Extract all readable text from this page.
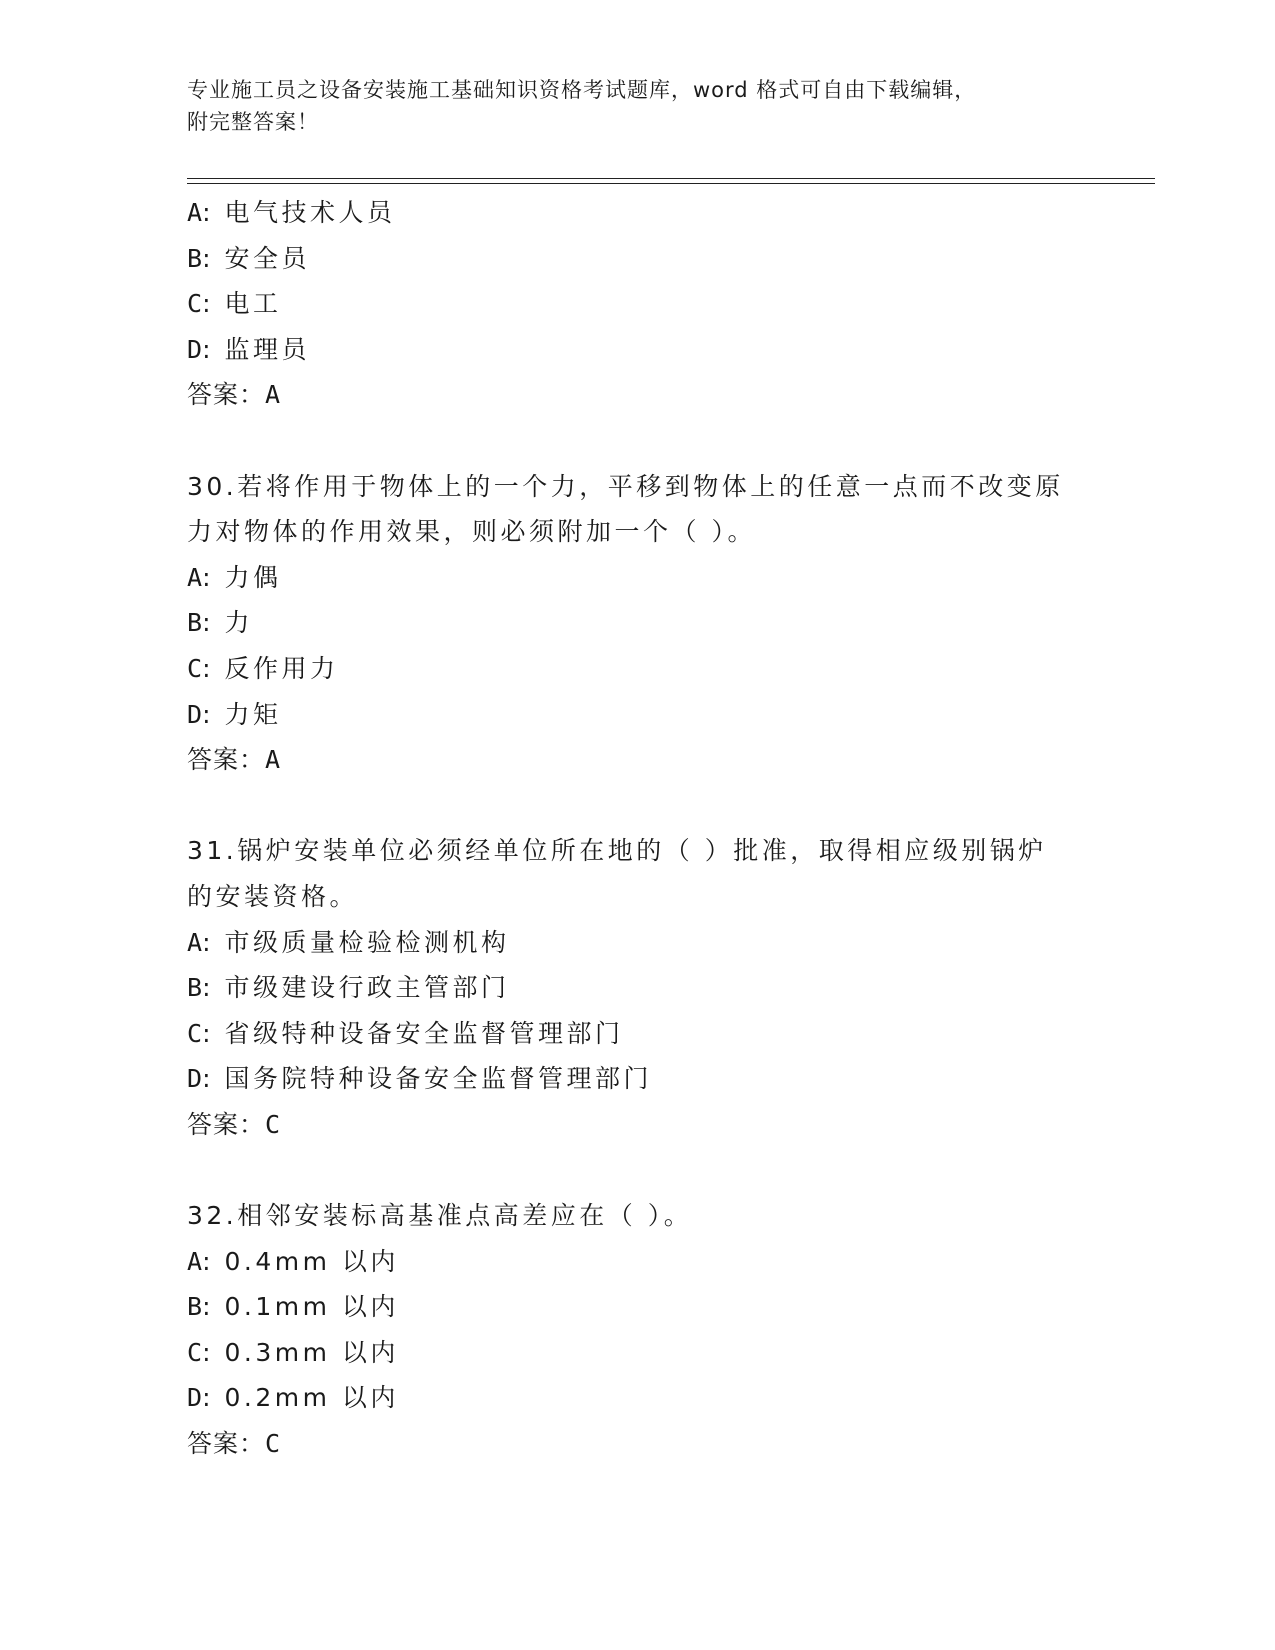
专业施工员之设备安装施工基础知识资格考试题库，word 格式可自由下载编辑，
附完整答案！
A: 电气技术人员
B: 安全员
C: 电工
D: 监理员
答案：A
30.若将作用于物体上的一个力，平移到物体上的任意一点而不改变原
力对物体的作用效果，则必须附加一个（ ）。
A: 力偶
B: 力
C: 反作用力
D: 力矩
答案：A
31.锅炉安装单位必须经单位所在地的（ ）批准，取得相应级别锅炉
的安装资格。
A: 市级质量检验检测机构
B: 市级建设行政主管部门
C: 省级特种设备安全监督管理部门
D: 国务院特种设备安全监督管理部门
答案：C
32.相邻安装标高基准点高差应在（ ）。
A: 0.4mm 以内
B: 0.1mm 以内
C: 0.3mm 以内
D: 0.2mm 以内
答案：C
